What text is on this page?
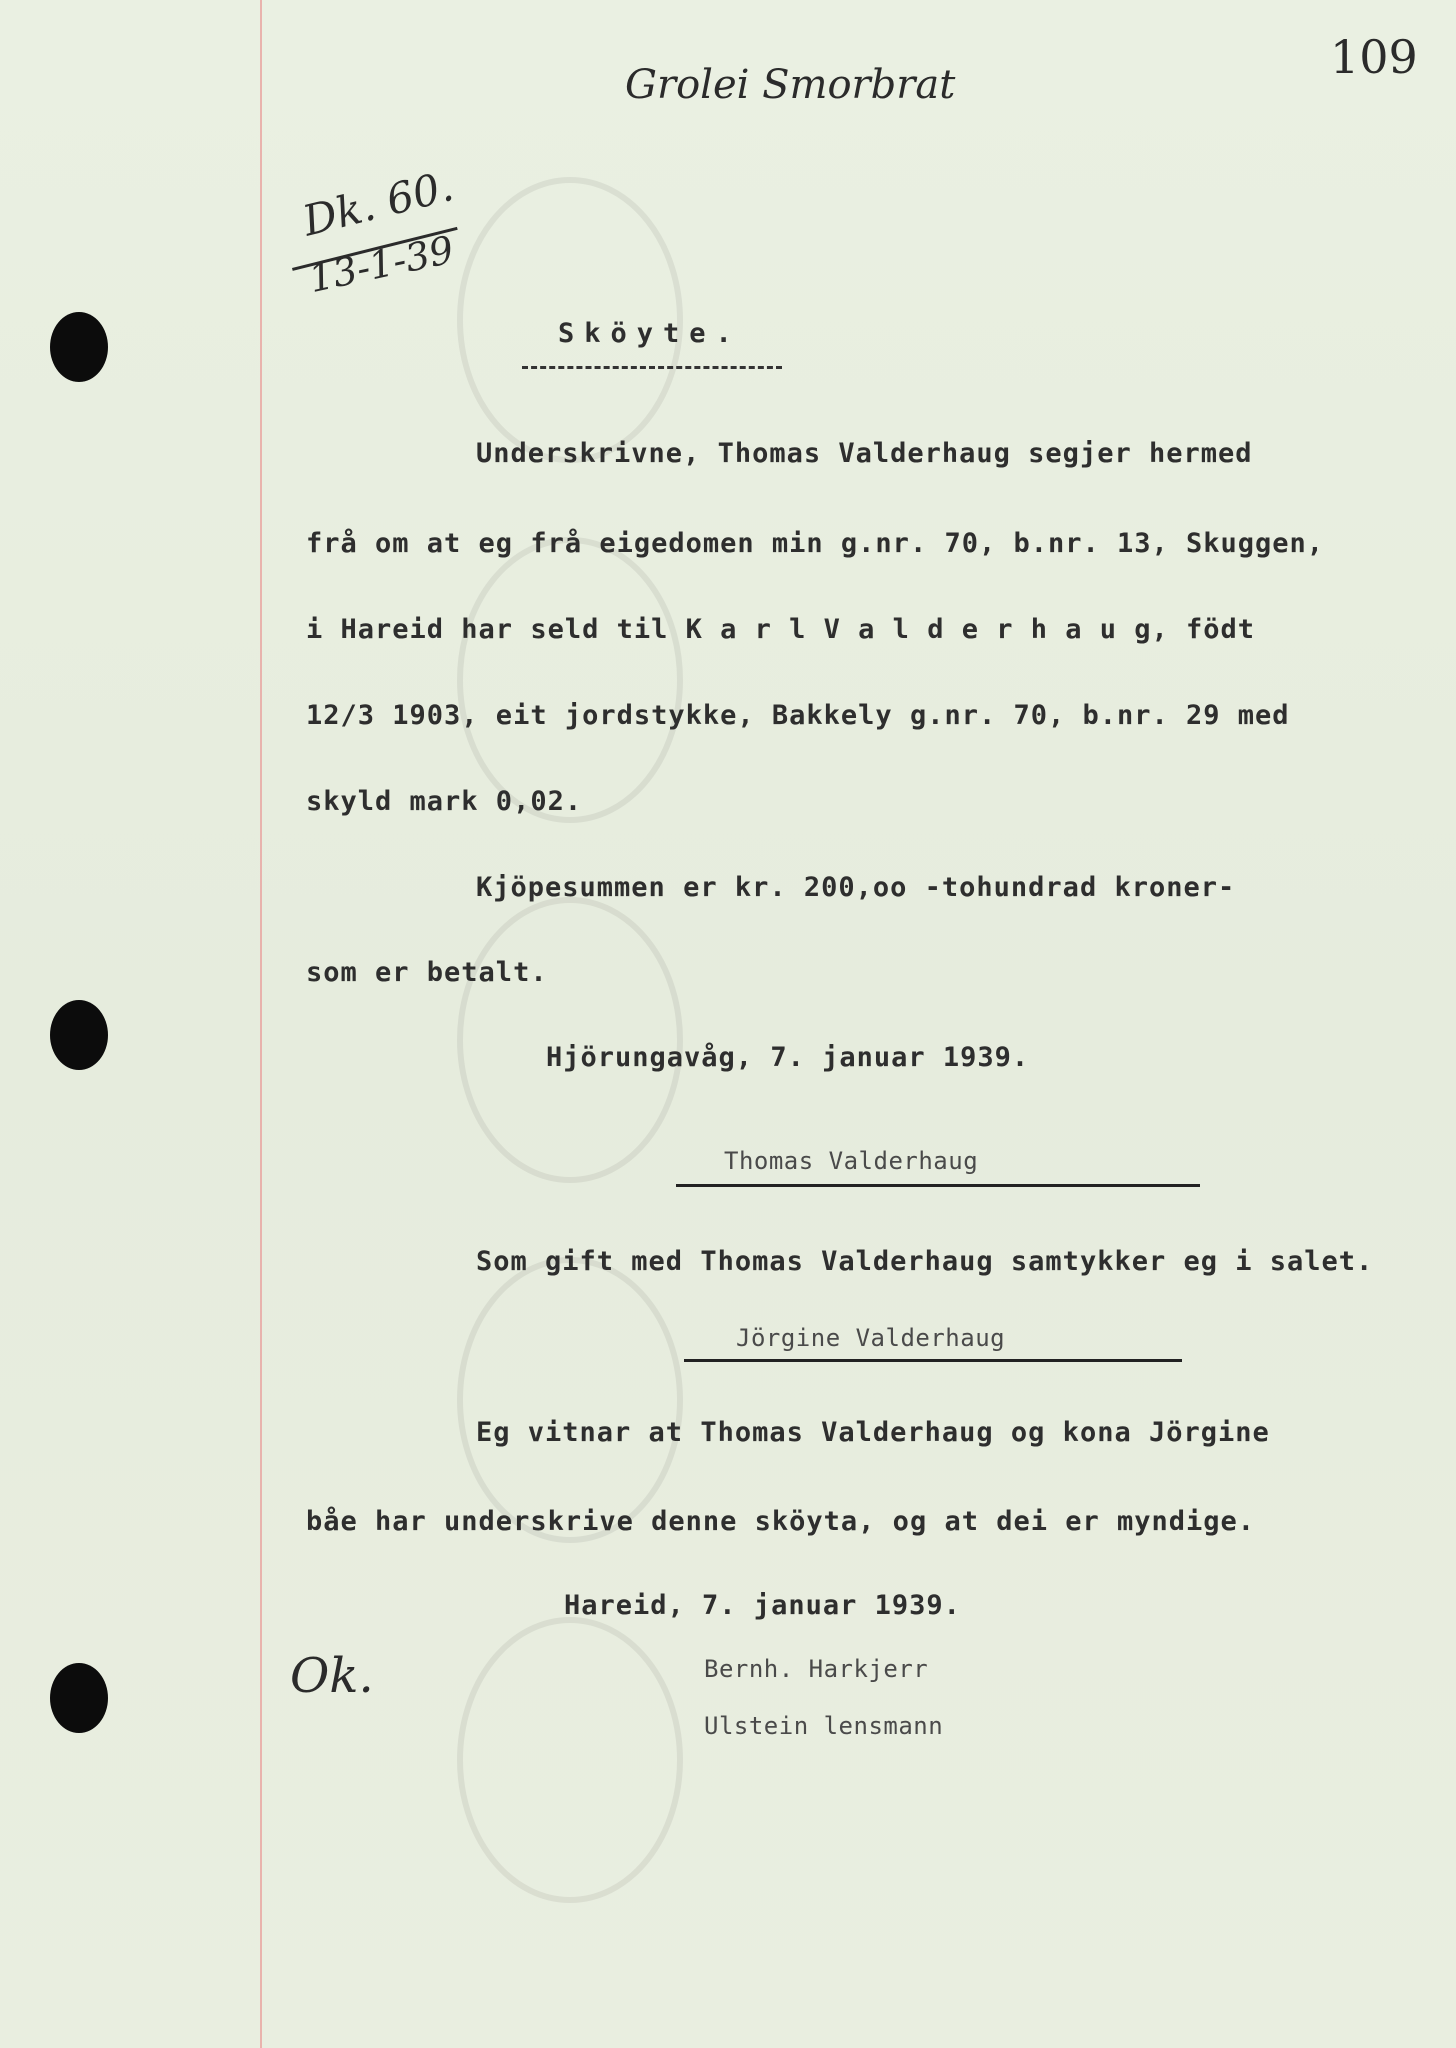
Grolei Smorbrat
109
Dk. 60.
13-1-39
Sköyte.
Underskrivne, Thomas Valderhaug segjer hermed
frå om at eg frå eigedomen min g.nr. 70, b.nr. 13, Skuggen,
i Hareid har seld til K a r l V a l d e r h a u g, födt
12/3 1903, eit jordstykke, Bakkely g.nr. 70, b.nr. 29 med
skyld mark 0,02.
Kjöpesummen er kr. 200,oo -tohundrad kroner-
som er betalt.
Hjörungavåg, 7. januar 1939.
Thomas Valderhaug
Som gift med Thomas Valderhaug samtykker eg i salet.
Jörgine Valderhaug
Eg vitnar at Thomas Valderhaug og kona Jörgine
båe har underskrive denne sköyta, og at dei er myndige.
Hareid, 7. januar 1939.
Ok.	Bernh. Harkjerr
Ulstein lensmann
